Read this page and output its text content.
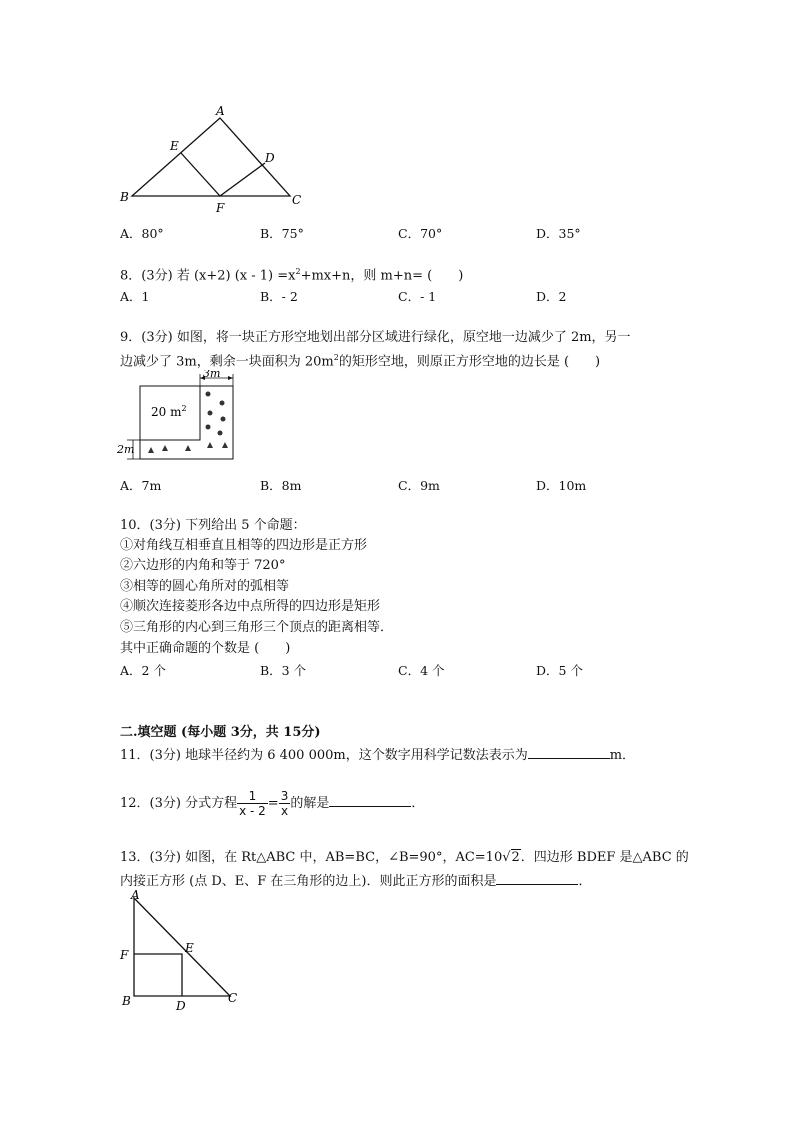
A
E
D
B
F
C
A．80°	B．75°	C．70°	D．35°
8．(3分) 若 (x+2) $(x - 1) =x^2+mx+n$，则 m+n= (　　)
A．1	B．- 2	C．- 1	D．2
9．(3分) 如图，将一块正方形空地划出部分区域进行绿化，原空地一边减少了 2m，另一
边减少了 3m，剩余一块面积为 $20m^2$的矩形空地，则原正方形空地的边长是 (　　)
3m
20 $m^2$
2m
A．7m	B．8m	C．9m	D．10m
10．(3分) 下列给出 5 个命题：
①对角线互相垂直且相等的四边形是正方形
②六边形的内角和等于 720°
③相等的圆心角所对的弧相等
④顺次连接菱形各边中点所得的四边形是矩形
⑤三角形的内心到三角形三个顶点的距离相等．
其中正确命题的个数是 (　　)
A．2 个	B．3 个	C．4 个	D．5 个
二.填空题 (每小题 3分，共 15分)
11．(3分) 地球半径约为 6 400 000m，这个数字用科学记数法表示为	m．
12．(3分) 分式方程 $\frac{1}{x - 2} = \frac{3}{x}$ 的解是	．
13．(3分) 如图，在 Rt△ABC 中，AB=BC，∠B=90°，AC=10√2．四边形 BDEF 是△ABC 的
内接正方形 (点 D、E、F 在三角形的边上)．则此正方形的面积是	．
A
F	E
B	D
C
